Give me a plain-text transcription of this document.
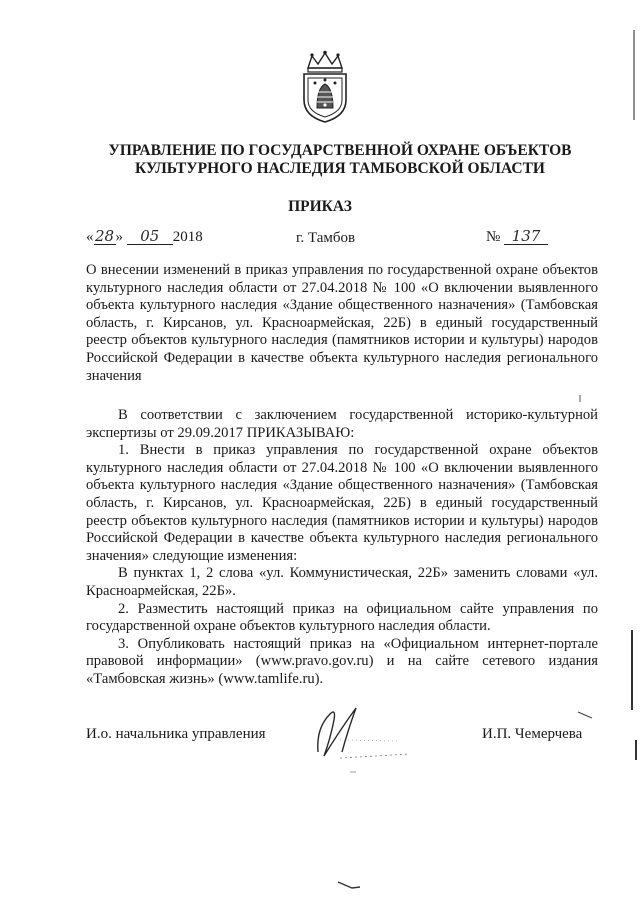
УПРАВЛЕНИЕ ПО ГОСУДАРСТВЕННОЙ ОХРАНЕ ОБЪЕКТОВ
КУЛЬТУРНОГО НАСЛЕДИЯ ТАМБОВСКОЙ ОБЛАСТИ
ПРИКАЗ
«28» 05 2018	г. Тамбов	№ 137
О внесении изменений в приказ управления по государственной охране объектов культурного наследия области от 27.04.2018 № 100 «О включении выявленного объекта культурного наследия «Здание общественного назначения» (Тамбовская область, г. Кирсанов, ул. Красноармейская, 22Б) в единый государственный реестр объектов культурного наследия (памятников истории и культуры) народов Российской Федерации в качестве объекта культурного наследия регионального значения

В соответствии с заключением государственной историко-культурной экспертизы от 29.09.2017 ПРИКАЗЫВАЮ:

1. Внести в приказ управления по государственной охране объектов культурного наследия области от 27.04.2018 № 100 «О включении выявленного объекта культурного наследия «Здание общественного назначения» (Тамбовская область, г. Кирсанов, ул. Красноармейская, 22Б) в единый государственный реестр объектов культурного наследия (памятников истории и культуры) народов Российской Федерации в качестве объекта культурного наследия регионального значения» следующие изменения:

В пунктах 1, 2 слова «ул. Коммунистическая, 22Б» заменить словами «ул. Красноармейская, 22Б».

2. Разместить настоящий приказ на официальном сайте управления по государственной охране объектов культурного наследия области.

3. Опубликовать настоящий приказ на «Официальном интернет-портале правовой информации» (www.pravo.gov.ru) и на сайте сетевого издания «Тамбовская жизнь» (www.tamlife.ru).

И.о. начальника управления	И.П. Чемерчева
